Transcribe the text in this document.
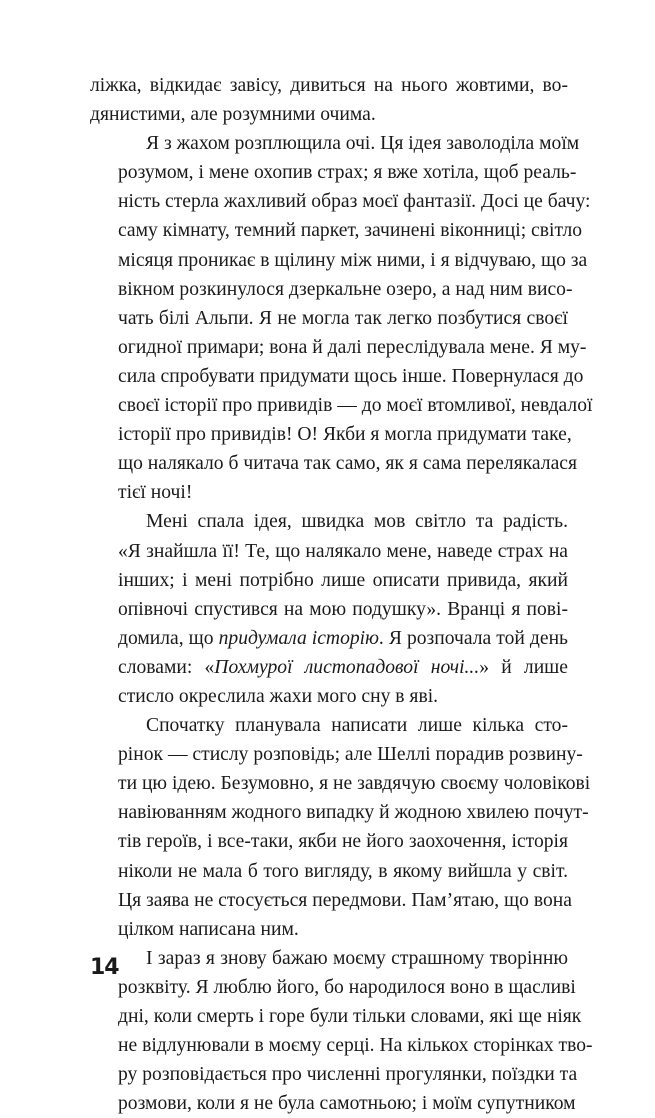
ліжка, відкидає завісу, дивиться на нього жовтими, во-
дянистими, але розумними очима.

Я з жахом розплющила очі. Ця ідея заволоділа моїм
розумом, і мене охопив страх; я вже хотіла, щоб реаль-
ність стерла жахливий образ моєї фантазії. Досі це бачу:
саму кімнату, темний паркет, зачинені віконниці; світло
місяця проникає в щілину між ними, і я відчуваю, що за
вікном розкинулося дзеркальне озеро, а над ним висо-
чать білі Альпи. Я не могла так легко позбутися своєї
огидної примари; вона й далі переслідувала мене. Я му-
сила спробувати придумати щось інше. Повернулася до
своєї історії про привидів — до моєї втомливої, невдалої
історії про привидів! О! Якби я могла придумати таке,
що налякало б читача так само, як я сама перелякалася
тієї ночі!

Мені спала ідея, швидка мов світло та радість.
«Я знайшла її! Те, що налякало мене, наведе страх на
інших; і мені потрібно лише описати привида, який
опівночі спустився на мою подушку». Вранці я пові-
домила, що придумала історію. Я розпочала той день
словами: «Похмурої листопадової ночі...» й лише
стисло окреслила жахи мого сну в яві.

Спочатку планувала написати лише кілька сто-
рінок — стислу розповідь; але Шеллі порадив розвину-
ти цю ідею. Безумовно, я не завдячую своєму чоловікові
навіюванням жодного випадку й жодною хвилею почут-
тів героїв, і все-таки, якби не його заохочення, історія
ніколи не мала б того вигляду, в якому вийшла у світ.
Ця заява не стосується передмови. Пам’ятаю, що вона
цілком написана ним.

І зараз я знову бажаю моєму страшному творінню
розквіту. Я люблю його, бо народилося воно в щасливі
дні, коли смерть і горе були тільки словами, які ще ніяк
не відлунювали в моєму серці. На кількох сторінках тво-
ру розповідається про численні прогулянки, поїздки та
розмови, коли я не була самотньою; і моїм супутником

14
